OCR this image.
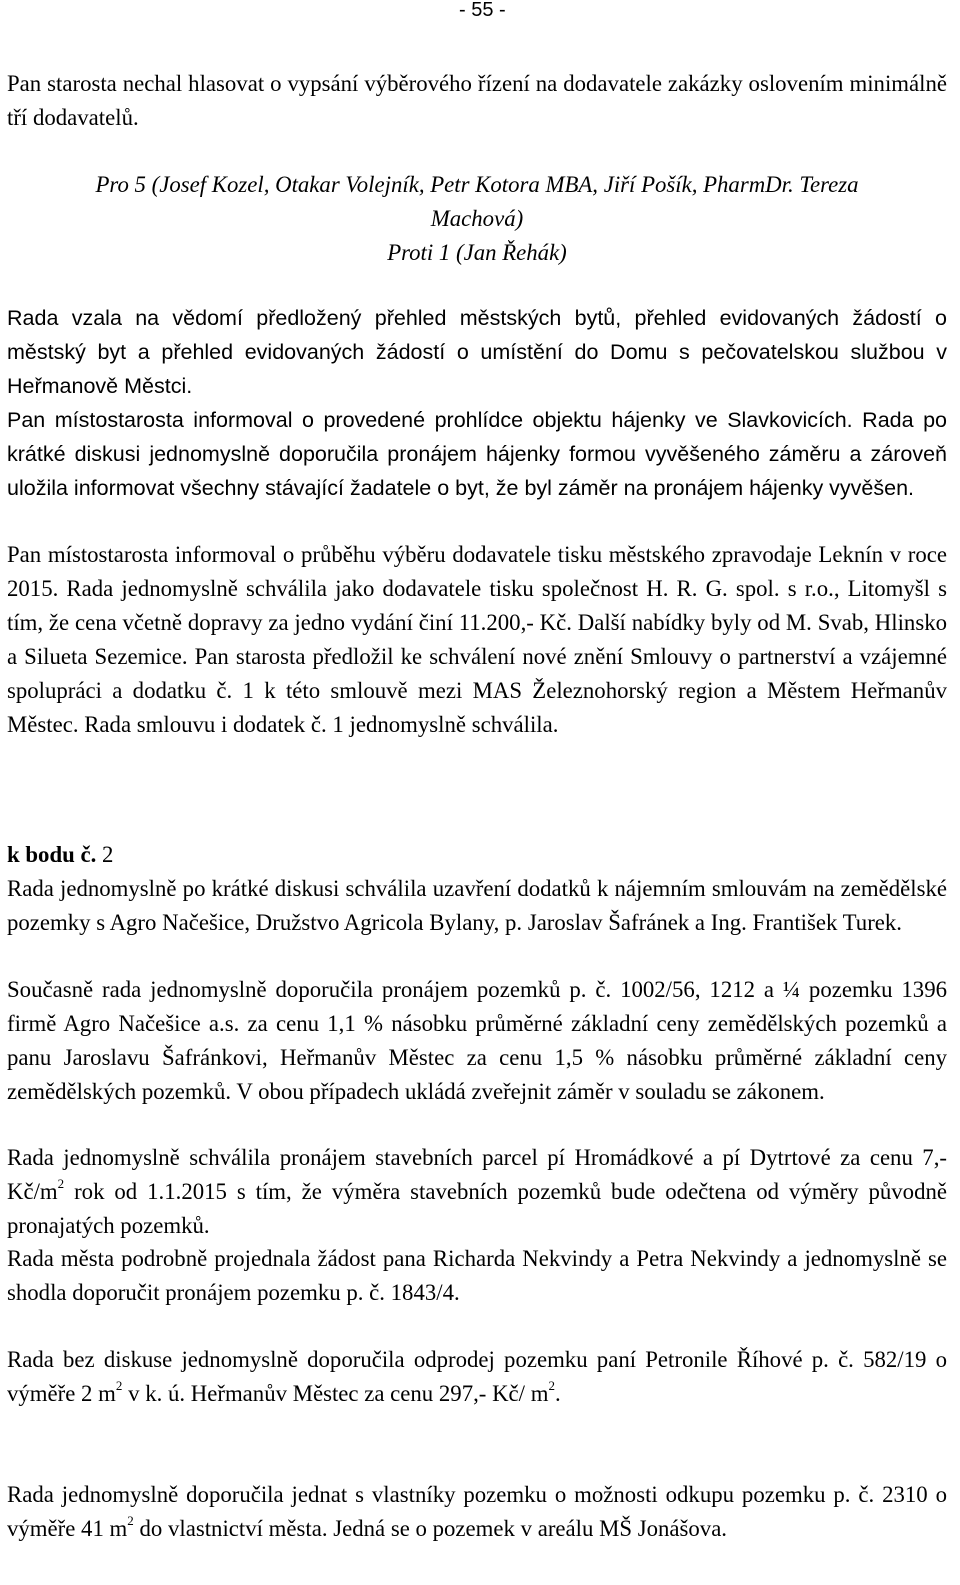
- 55 -
Pan starosta nechal hlasovat o vypsání výběrového řízení na dodavatele zakázky oslovením minimálně tří dodavatelů.
Pro 5 (Josef Kozel, Otakar Volejník, Petr Kotora MBA, Jiří Pošík, PharmDr. Tereza Machová)
Proti 1 (Jan Řehák)
Rada vzala na vědomí předložený přehled městských bytů, přehled evidovaných žádostí o městský byt a přehled evidovaných žádostí o umístění do Domu s pečovatelskou službou v Heřmanově Městci.
Pan místostarosta informoval o provedené prohlídce objektu hájenky ve Slavkovicích. Rada po krátké diskusi jednomyslně doporučila pronájem hájenky formou vyvěšeného záměru a zároveň uložila informovat všechny stávající žadatele o byt, že byl záměr na pronájem hájenky vyvěšen.
Pan místostarosta informoval o průběhu výběru dodavatele tisku městského zpravodaje Leknín v roce 2015. Rada jednomyslně schválila jako dodavatele tisku společnost H. R. G. spol. s r.o., Litomyšl s tím, že cena včetně dopravy za jedno vydání činí 11.200,- Kč. Další nabídky byly od M. Svab, Hlinsko a Silueta Sezemice. Pan starosta předložil ke schválení nové znění Smlouvy o partnerství a vzájemné spolupráci a dodatku č. 1 k této smlouvě mezi MAS Železnohorský region a Městem Heřmanův Městec. Rada smlouvu i dodatek č. 1 jednomyslně schválila.
k bodu č. 2
Rada jednomyslně po krátké diskusi schválila uzavření dodatků k nájemním smlouvám na zemědělské pozemky s Agro Načešice, Družstvo Agricola Bylany, p. Jaroslav Šafránek a Ing. František Turek.
Současně rada jednomyslně doporučila pronájem pozemků p. č. 1002/56, 1212 a ¼ pozemku 1396 firmě Agro Načešice a.s. za cenu 1,1 % násobku průměrné základní ceny zemědělských pozemků a panu Jaroslavu Šafránkovi, Heřmanův Městec za cenu 1,5 % násobku průměrné základní ceny zemědělských pozemků. V obou případech ukládá zveřejnit záměr v souladu se zákonem.
Rada jednomyslně schválila pronájem stavebních parcel pí Hromádkové a pí Dytrtové za cenu 7,- $Kč/m^2$ rok od 1.1.2015 s tím, že výměra stavebních pozemků bude odečtena od výměry původně pronajatých pozemků.
Rada města podrobně projednala žádost pana Richarda Nekvindy a Petra Nekvindy a jednomyslně se shodla doporučit pronájem pozemku p. č. 1843/4.
Rada bez diskuse jednomyslně doporučila odprodej pozemku paní Petronile Říhové p. č. 582/19 o výměře 2 $m^2$ v k. ú. Heřmanův Městec za cenu 297,- Kč/ $m^2$.
Rada jednomyslně doporučila jednat s vlastníky pozemku o možnosti odkupu pozemku p. č. 2310 o výměře 41 $m^2$ do vlastnictví města. Jedná se o pozemek v areálu MŠ Jonášova.
